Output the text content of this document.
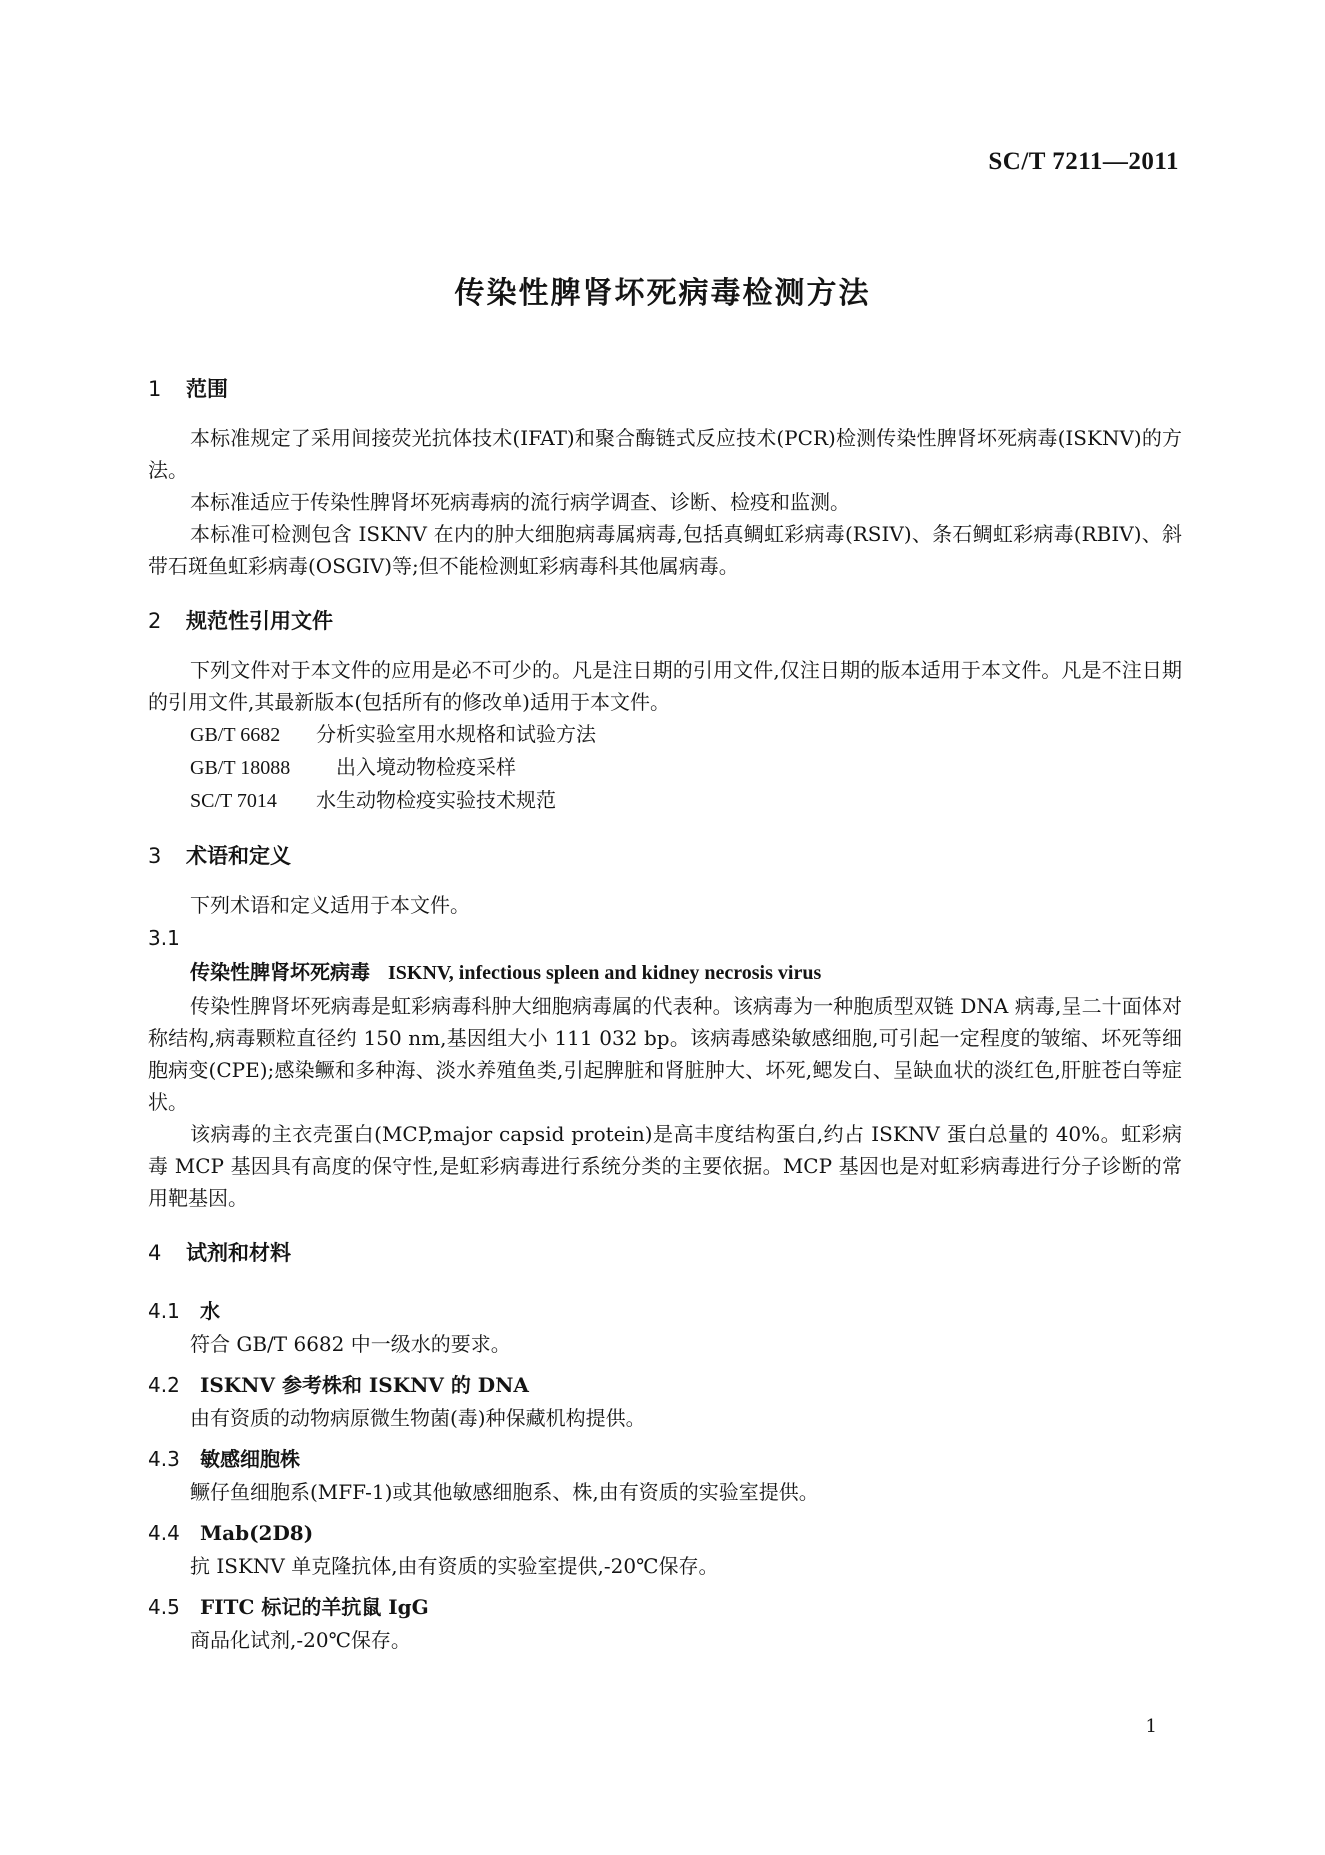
SC/T 7211—2011
传染性脾肾坏死病毒检测方法
1 范围

本标准规定了采用间接荧光抗体技术(IFAT)和聚合酶链式反应技术(PCR)检测传染性脾肾坏死病毒(ISKNV)的方法。

本标准适应于传染性脾肾坏死病毒病的流行病学调查、诊断、检疫和监测。

本标准可检测包含 ISKNV 在内的肿大细胞病毒属病毒,包括真鲷虹彩病毒(RSIV)、条石鲷虹彩病毒(RBIV)、斜带石斑鱼虹彩病毒(OSGIV)等;但不能检测虹彩病毒科其他属病毒。

2 规范性引用文件

下列文件对于本文件的应用是必不可少的。凡是注日期的引用文件,仅注日期的版本适用于本文件。凡是不注日期的引用文件,其最新版本(包括所有的修改单)适用于本文件。

GB/T 6682 分析实验室用水规格和试验方法
GB/T 18088 出入境动物检疫采样
SC/T 7014 水生动物检疫实验技术规范
3 术语和定义

下列术语和定义适用于本文件。

3.1
传染性脾肾坏死病毒 ISKNV, infectious spleen and kidney necrosis virus

传染性脾肾坏死病毒是虹彩病毒科肿大细胞病毒属的代表种。该病毒为一种胞质型双链 DNA 病毒,呈二十面体对称结构,病毒颗粒直径约 150 nm,基因组大小 111 032 bp。该病毒感染敏感细胞,可引起一定程度的皱缩、坏死等细胞病变(CPE);感染鳜和多种海、淡水养殖鱼类,引起脾脏和肾脏肿大、坏死,鳃发白、呈缺血状的淡红色,肝脏苍白等症状。

该病毒的主衣壳蛋白(MCP,major capsid protein)是高丰度结构蛋白,约占 ISKNV 蛋白总量的 40%。虹彩病毒 MCP 基因具有高度的保守性,是虹彩病毒进行系统分类的主要依据。MCP 基因也是对虹彩病毒进行分子诊断的常用靶基因。

4 试剂和材料
4.1 水

符合 GB/T 6682 中一级水的要求。

4.2 ISKNV 参考株和 ISKNV 的 DNA

由有资质的动物病原微生物菌(毒)种保藏机构提供。

4.3 敏感细胞株

鳜仔鱼细胞系(MFF-1)或其他敏感细胞系、株,由有资质的实验室提供。

4.4 Mab(2D8)

抗 ISKNV 单克隆抗体,由有资质的实验室提供,-20℃保存。

4.5 FITC 标记的羊抗鼠 IgG

商品化试剂,-20℃保存。

1
